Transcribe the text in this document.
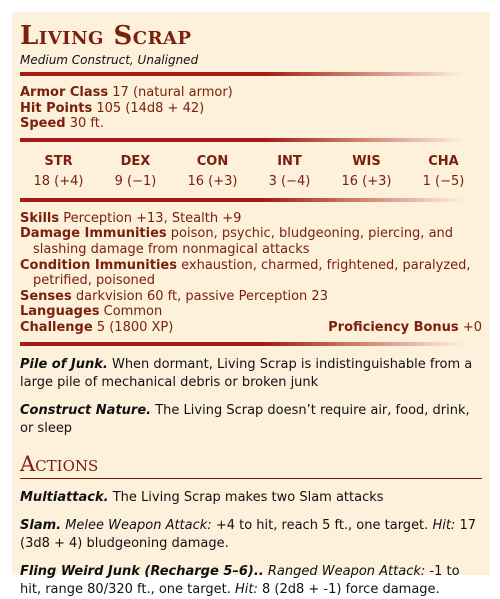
Living Scrap
Medium Construct, Unaligned
Armor Class 17 (natural armor)
Hit Points 105 (14d8 + 42)
Speed 30 ft.
STR
18 (+4)
DEX
9 (−1)
CON
16 (+3)
INT
3 (−4)
WIS
16 (+3)
CHA
1 (−5)
Skills Perception +13, Stealth +9
Damage Immunities poison, psychic, bludgeoning, piercing, and slashing damage from nonmagical attacks
Condition Immunities exhaustion, charmed, frightened, paralyzed, petrified, poisoned
Senses darkvision 60 ft, passive Perception 23
Languages Common
Challenge 5 (1800 XP)	Proficiency Bonus +0
Pile of Junk. When dormant, Living Scrap is indistinguishable from a large pile of mechanical debris or broken junk
Construct Nature. The Living Scrap doesn’t require air, food, drink, or sleep
Actions
Multiattack. The Living Scrap makes two Slam attacks
Slam. Melee Weapon Attack: +4 to hit, reach 5 ft., one target. Hit: 17 (3d8 + 4) bludgeoning damage.
Fling Weird Junk (Recharge 5–6).. Ranged Weapon Attack: -1 to hit, range 80/320 ft., one target. Hit: 8 (2d8 + -1) force damage.
